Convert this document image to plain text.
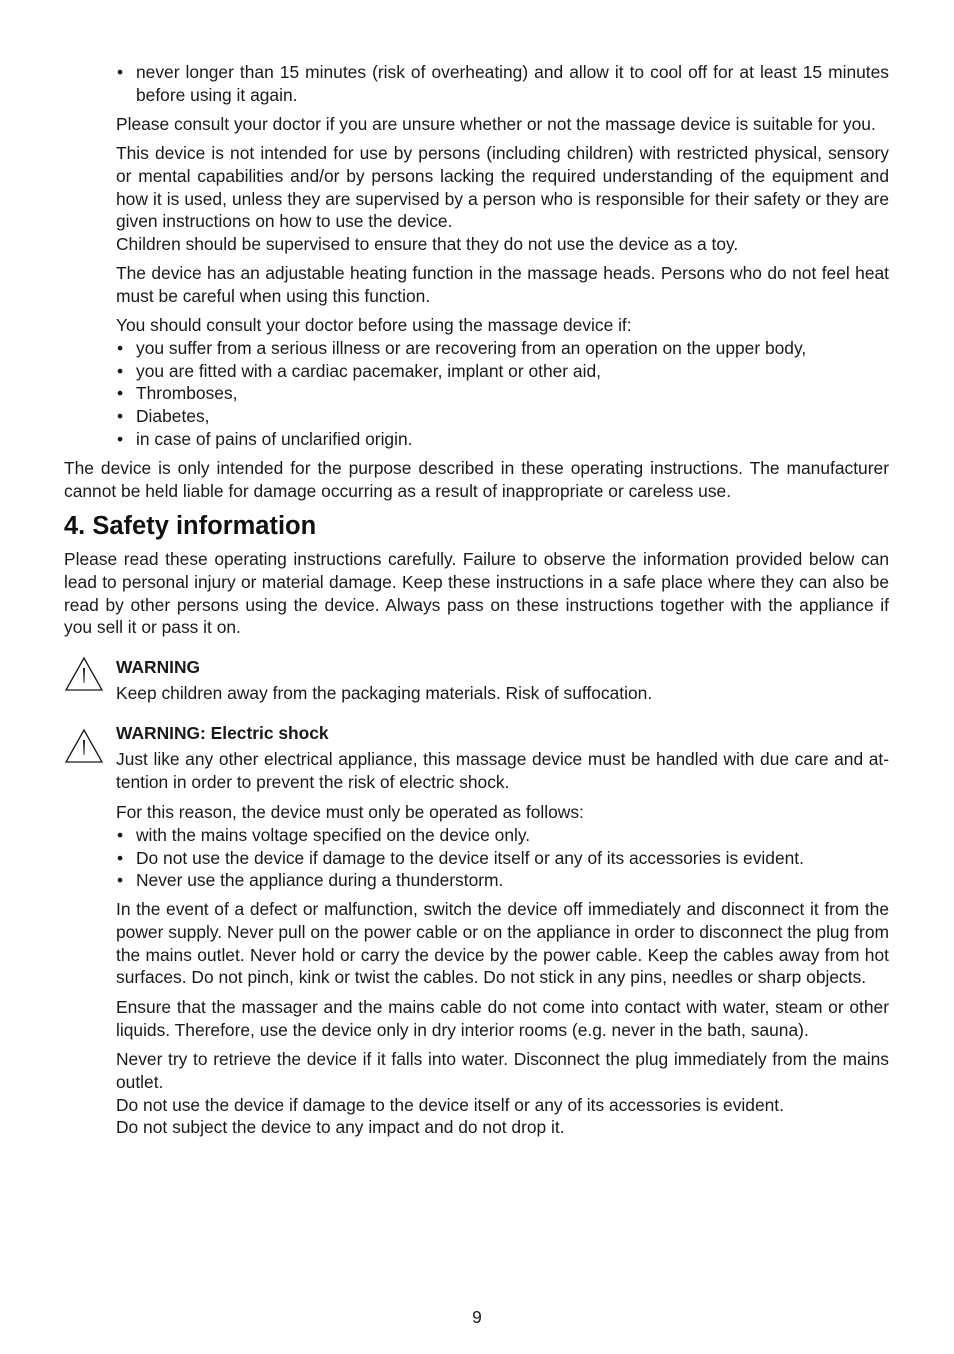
• never longer than 15 minutes (risk of overheating) and allow it to cool off for at least 15 minutes before using it again.

Please consult your doctor if you are unsure whether or not the massage device is suitable for you.

This device is not intended for use by persons (including children) with restricted physical, sensory or mental capabilities and/or by persons lacking the required understanding of the equipment and how it is used, unless they are supervised by a person who is responsible for their safety or they are given instructions on how to use the device.
Children should be supervised to ensure that they do not use the device as a toy.

The device has an adjustable heating function in the massage heads. Persons who do not feel heat must be careful when using this function.

You should consult your doctor before using the massage device if:
• you suffer from a serious illness or are recovering from an operation on the upper body,
• you are fitted with a cardiac pacemaker, implant or other aid,
• Thromboses,
• Diabetes,
• in case of pains of unclarified origin.

The device is only intended for the purpose described in these operating instructions. The manufacturer cannot be held liable for damage occurring as a result of inappropriate or careless use.

4. Safety information

Please read these operating instructions carefully. Failure to observe the information provided below can lead to personal injury or material damage. Keep these instructions in a safe place where they can also be read by other persons using the device. Always pass on these instructions together with the appliance if you sell it or pass it on.

WARNING
Keep children away from the packaging materials. Risk of suffocation.
WARNING: Electric shock
Just like any other electrical appliance, this massage device must be handled with due care and at-tention in order to prevent the risk of electric shock.
For this reason, the device must only be operated as follows:
• with the mains voltage specified on the device only.
• Do not use the device if damage to the device itself or any of its accessories is evident.
• Never use the appliance during a thunderstorm.

In the event of a defect or malfunction, switch the device off immediately and disconnect it from the power supply. Never pull on the power cable or on the appliance in order to disconnect the plug from the mains outlet. Never hold or carry the device by the power cable. Keep the cables away from hot surfaces. Do not pinch, kink or twist the cables. Do not stick in any pins, needles or sharp objects.

Ensure that the massager and the mains cable do not come into contact with water, steam or other liquids. Therefore, use the device only in dry interior rooms (e.g. never in the bath, sauna).

Never try to retrieve the device if it falls into water. Disconnect the plug immediately from the mains outlet.
Do not use the device if damage to the device itself or any of its accessories is evident.
Do not subject the device to any impact and do not drop it.
9
